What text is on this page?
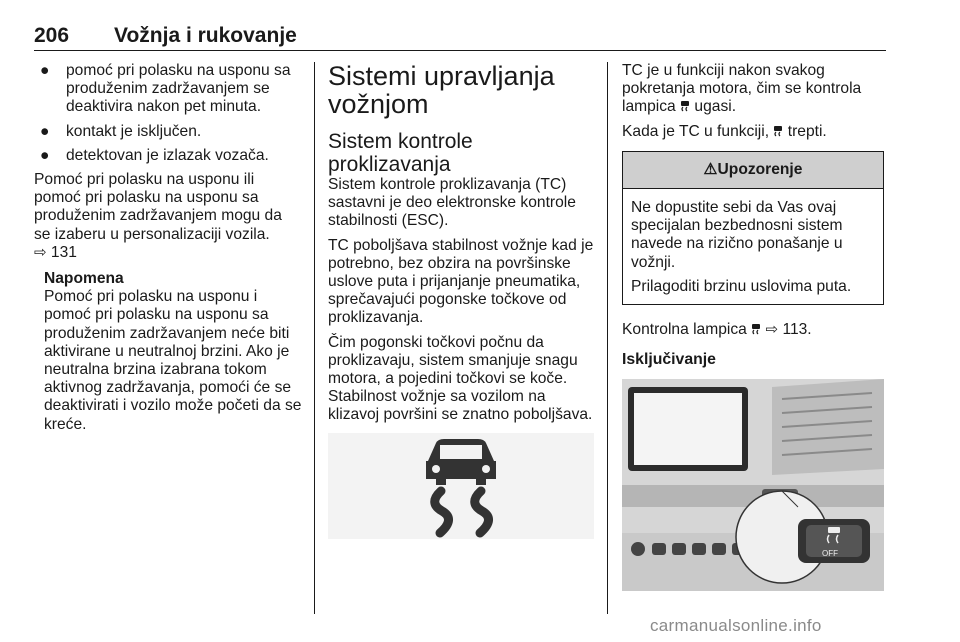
206 Vožnja i rukovanje
● pomoć pri polasku na usponu sa produženim zadržavanjem se deaktivira nakon pet minuta.
● kontakt je isključen.
● detektovan je izlazak vozača.

Pomoć pri polasku na usponu ili pomoć pri polasku na usponu sa produženim zadržavanjem mogu da se izaberu u personalizaciji vozila.
⇨ 131

Napomena
Pomoć pri polasku na usponu i pomoć pri polasku na usponu sa produženim zadržavanjem neće biti aktivirane u neutralnoj brzini. Ako je neutralna brzina izabrana tokom aktivnog zadržavanja, pomoći će se deaktivirati i vozilo može početi da se kreće.
Sistemi upravljanja vožnjom
Sistem kontrole proklizavanja

Sistem kontrole proklizavanja (TC) sastavni je deo elektronske kontrole stabilnosti (ESC).

TC poboljšava stabilnost vožnje kad je potrebno, bez obzira na površinske uslove puta i prijanjanje pneumatika, sprečavajući pogonske točkove od proklizavanja.

Čim pogonski točkovi počnu da proklizavaju, sistem smanjuje snagu motora, a pojedini točkovi se koče. Stabilnost vožnje sa vozilom na klizavoj površini se znatno poboljšava.

TC je u funkciji nakon svakog pokretanja motora, čim se kontrola lampica ugasi.

Kada je TC u funkciji, trepti.

⚠Upozorenje

Ne dopustite sebi da Vas ovaj specijalan bezbednosni sistem navede na rizično ponašanje u vožnji.

Prilagoditi brzinu uslovima puta.

Kontrolna lampica ⇨ 113.

Isključivanje
OFF
carmanualsonline.info
